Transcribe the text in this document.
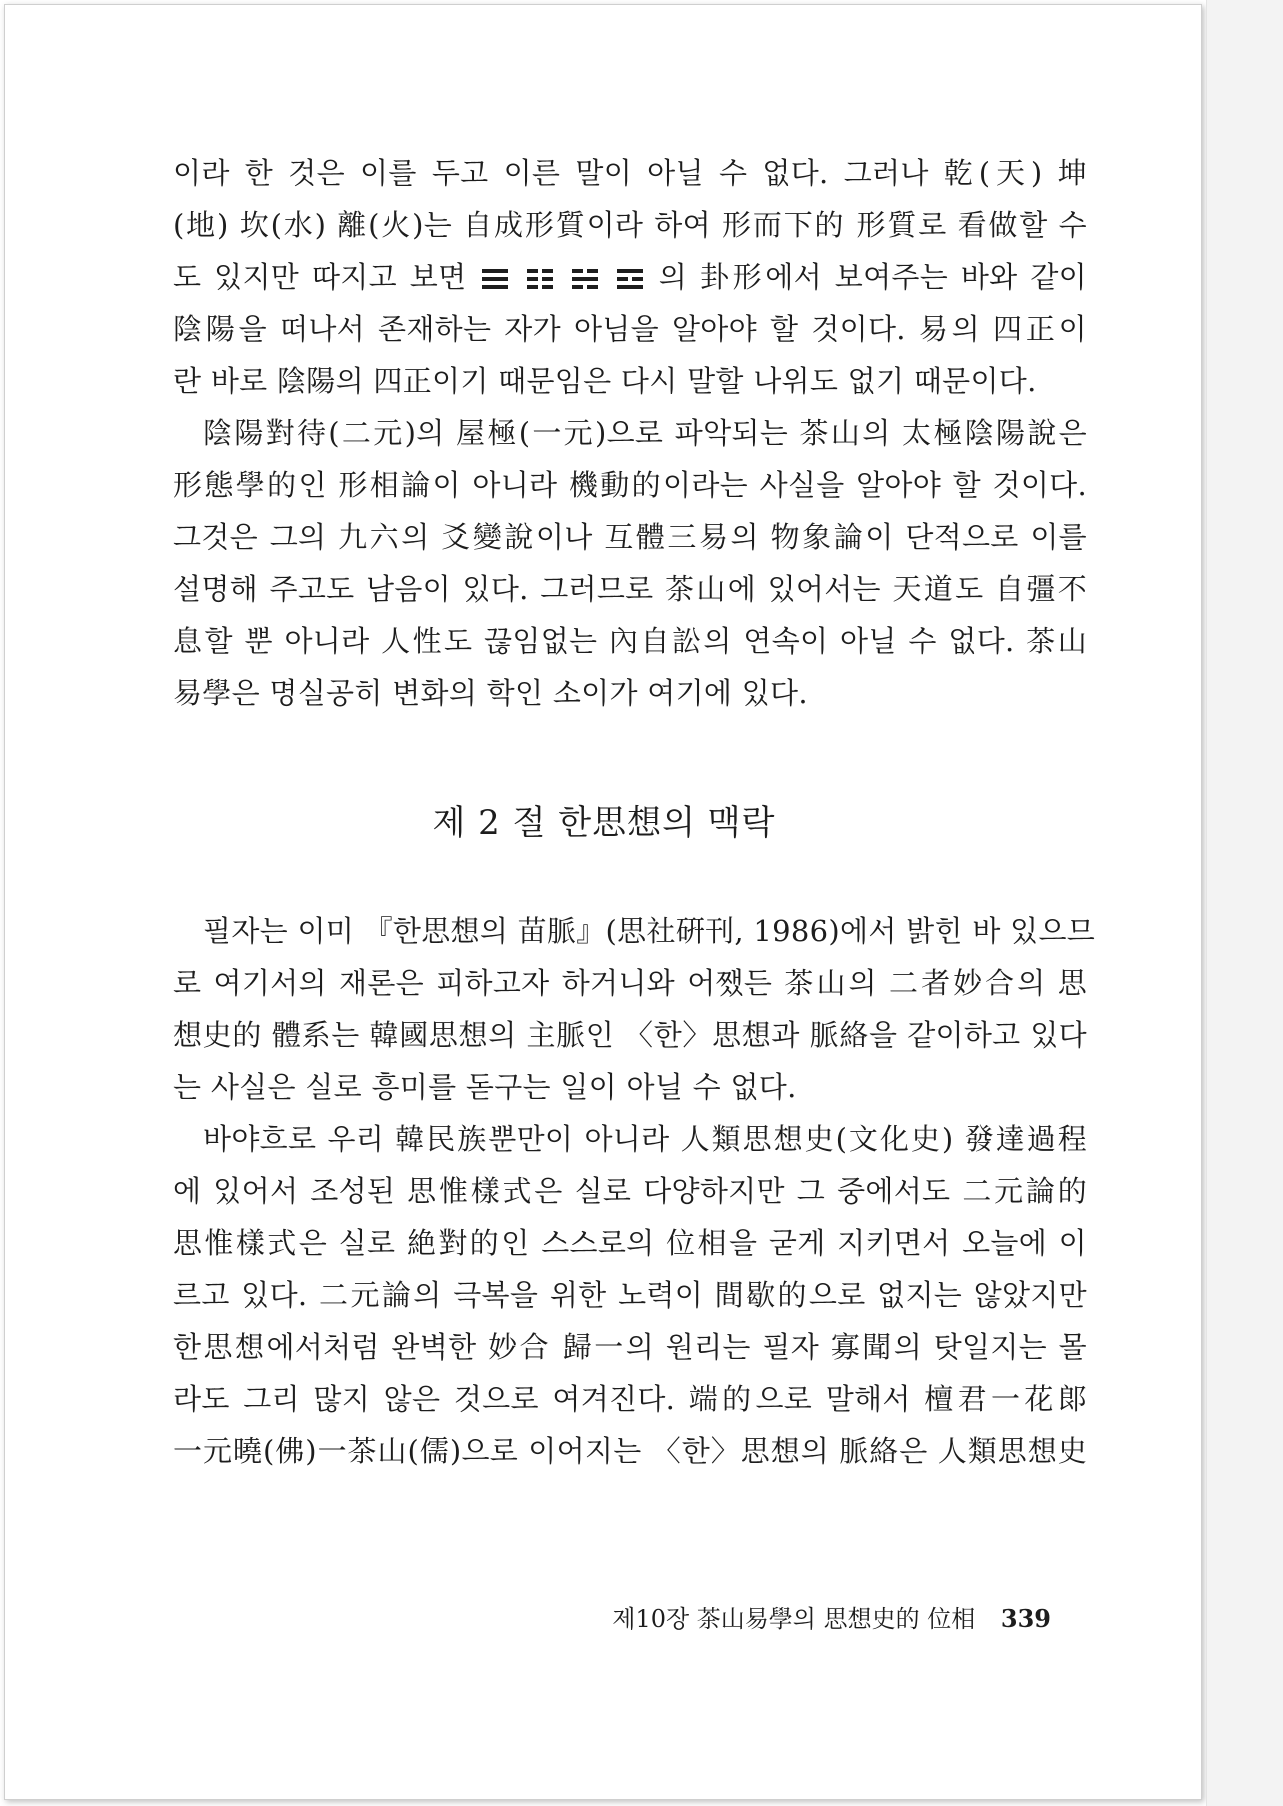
이라 한 것은 이를 두고 이른 말이 아닐 수 없다. 그러나 乾(天) 坤
(地) 坎(水) 離(火)는 自成形質이라 하여 形而下的 形質로 看做할 수
도 있지만 따지고 보면	의 卦形에서 보여주는 바와 같이
陰陽을 떠나서 존재하는 자가 아님을 알아야 할 것이다. 易의 四正이
란 바로 陰陽의 四正이기 때문임은 다시 말할 나위도 없기 때문이다.

陰陽對待(二元)의 屋極(一元)으로 파악되는 茶山의 太極陰陽說은
形態學的인 形相論이 아니라 機動的이라는 사실을 알아야 할 것이다.
그것은 그의 九六의 爻變說이나 互體三易의 物象論이 단적으로 이를
설명해 주고도 남음이 있다. 그러므로 茶山에 있어서는 天道도 自彊不
息할 뿐 아니라 人性도 끊임없는 內自訟의 연속이 아닐 수 없다. 茶山
易學은 명실공히 변화의 학인 소이가 여기에 있다.

제 2 절 한思想의 맥락

필자는 이미 『한思想의 苗脈』(思社硏刊, 1986)에서 밝힌 바 있으므
로 여기서의 재론은 피하고자 하거니와 어쨌든 茶山의 二者妙合의 思
想史的 體系는 韓國思想의 主脈인 〈한〉思想과 脈絡을 같이하고 있다
는 사실은 실로 흥미를 돋구는 일이 아닐 수 없다.

바야흐로 우리 韓民族뿐만이 아니라 人類思想史(文化史) 發達過程
에 있어서 조성된 思惟樣式은 실로 다양하지만 그 중에서도 二元論的
思惟樣式은 실로 絶對的인 스스로의 位相을 굳게 지키면서 오늘에 이
르고 있다. 二元論의 극복을 위한 노력이 間歇的으로 없지는 않았지만
한思想에서처럼 완벽한 妙合 歸一의 원리는 필자 寡聞의 탓일지는 몰
라도 그리 많지 않은 것으로 여겨진다. 端的으로 말해서 檀君一花郞
一元曉(佛)一茶山(儒)으로 이어지는 〈한〉思想의 脈絡은 人類思想史

제10장 茶山易學의 思想史的 位相 339
